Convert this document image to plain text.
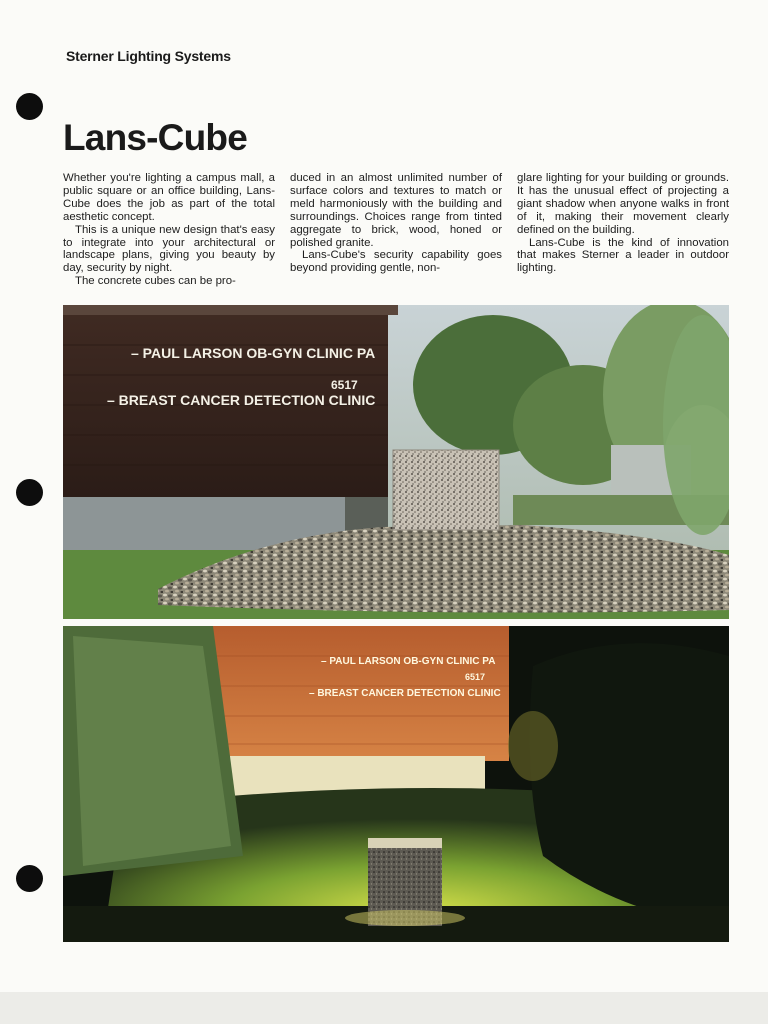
Sterner Lighting Systems
Lans-Cube

Whether you're lighting a campus mall, a public square or an office building, Lans-Cube does the job as part of the total aesthetic concept.

This is a unique new design that's easy to integrate into your architectural or landscape plans, giving you beauty by day, security by night.

The concrete cubes can be pro-

duced in an almost unlimited number of surface colors and textures to match or meld harmoniously with the building and surroundings. Choices range from tinted aggregate to brick, wood, honed or polished granite.

Lans-Cube's security capability goes beyond providing gentle, non-

glare lighting for your building or grounds. It has the unusual effect of projecting a giant shadow when anyone walks in front of it, making their movement clearly defined on the building.

Lans-Cube is the kind of innovation that makes Sterner a leader in outdoor lighting.

– PAUL LARSON OB-GYN CLINIC PA
6517
– BREAST CANCER DETECTION CLINIC
– PAUL LARSON OB-GYN CLINIC PA
6517
– BREAST CANCER DETECTION CLINIC
